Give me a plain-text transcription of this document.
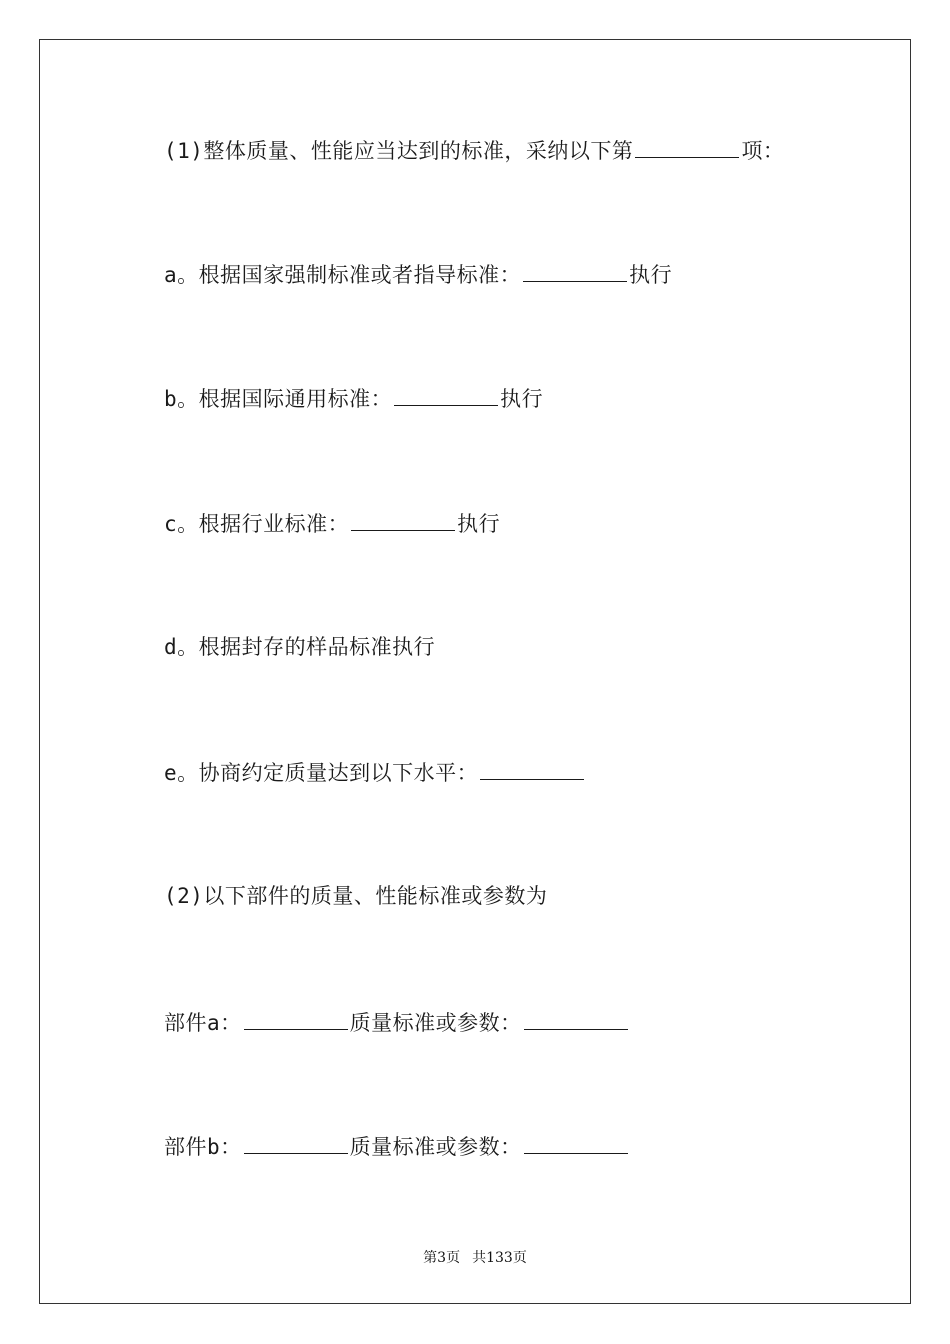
(1)整体质量、性能应当达到的标准，采纳以下第	项：
a。根据国家强制标准或者指导标准：	执行
b。根据国际通用标准：	执行
c。根据行业标准：	执行
d。根据封存的样品标准执行
e。协商约定质量达到以下水平：
(2)以下部件的质量、性能标准或参数为
部件a：	质量标准或参数：
部件b：	质量标准或参数：
第3页 共133页
